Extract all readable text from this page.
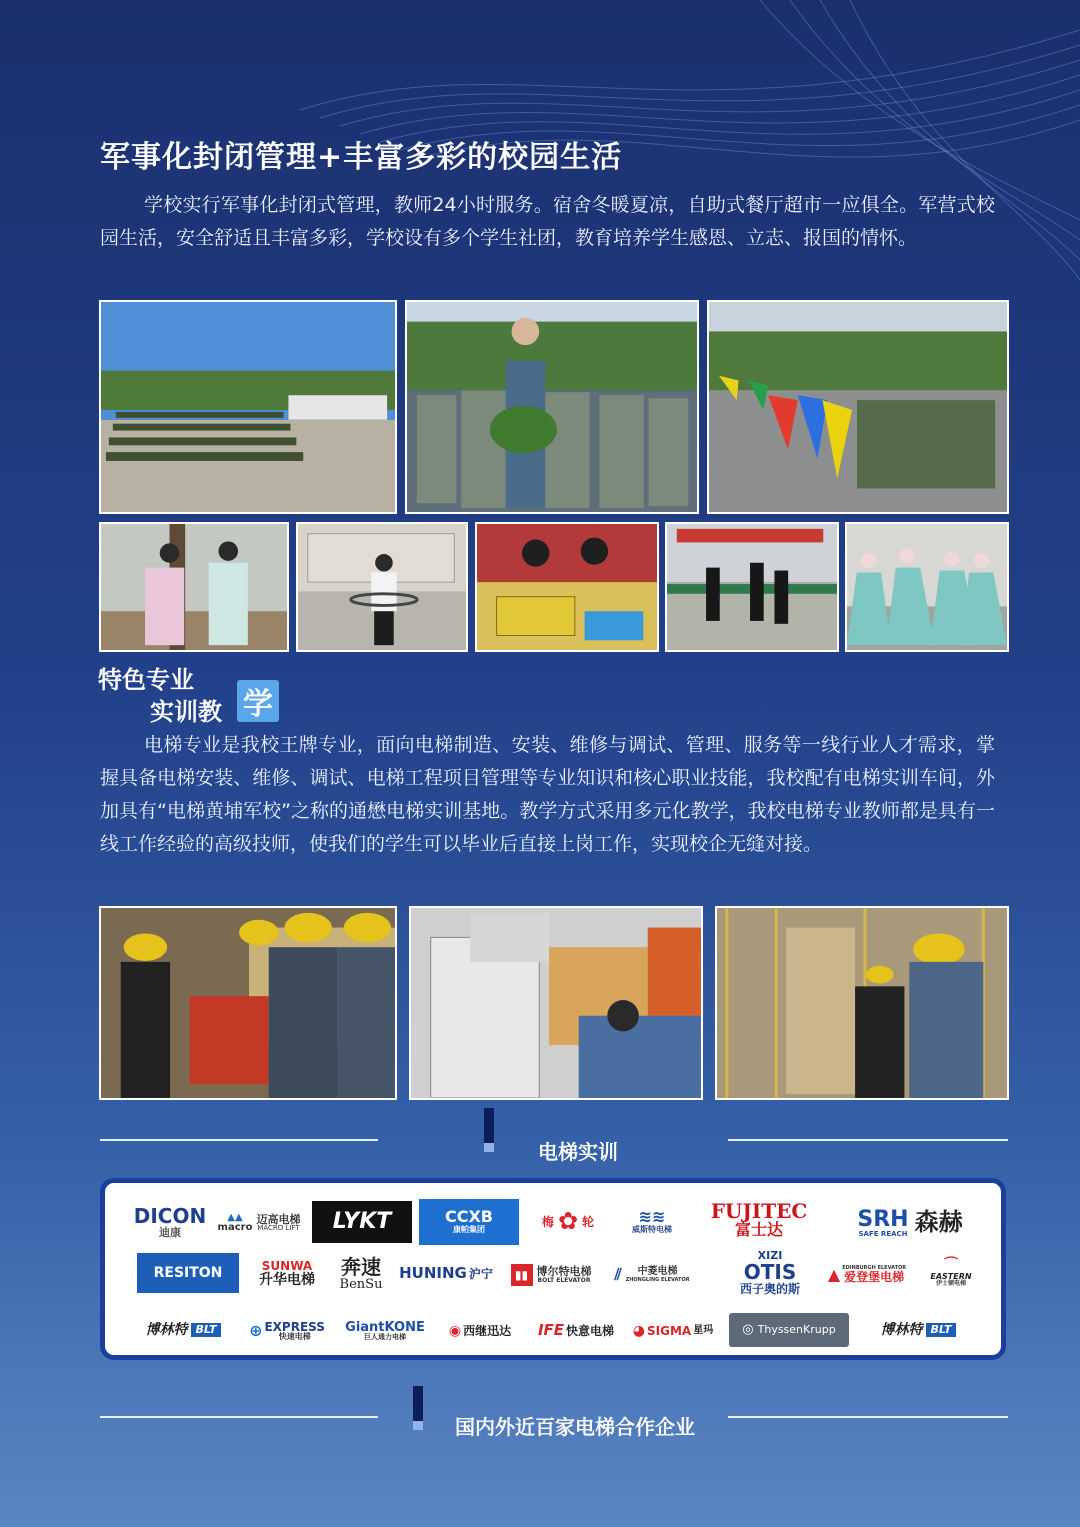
军事化封闭管理+丰富多彩的校园生活
学校实行军事化封闭式管理，教师24小时服务。宿舍冬暖夏凉，自助式餐厅超市一应俱全。军营式校园生活，安全舒适且丰富多彩，学校设有多个学生社团，教育培养学生感恩、立志、报国的情怀。
特色专业
实训教 学
电梯专业是我校王牌专业，面向电梯制造、安装、维修与调试、管理、服务等一线行业人才需求，掌握具备电梯安装、维修、调试、电梯工程项目管理等专业知识和核心职业技能，我校配有电梯实训车间，外加具有“电梯黄埔军校”之称的通懋电梯实训基地。教学方式采用多元化教学，我校电梯专业教师都是具有一线工作经验的高级技师，使我们的学生可以毕业后直接上岗工作，实现校企无缝对接。
电梯实训
DICON
迪康
▲▲
macro
迈高电梯
MACRO LIFT LYKT	CCXB
康帕集团
梅 ✿ 轮	≋≋
威斯特电梯
FUJITEC
富士达	SRH
SAFE REACH 森赫
RESITON	SUNWA
升华电梯
奔速
BenSu
HUNING 沪宁	▮▮ 博尔特电梯
BOLT ELEVATOR ⫽	中菱电梯
ZHONGLING ELEVATOR
XIZI
OTIS
西子奥的斯
▲ EDINBURGH ELEVATOR
爱登堡电梯
⌒
EASTERN
伊士顿电梯
博林特 BLT ⊕ EXPRESS
快速电梯
GiantKONE
巨人通力电梯	◉ 西继迅达 IFE 快意电梯 ◕ SIGMA 星玛 ◎ ThyssenKrupp	博林特 BLT
国内外近百家电梯合作企业
